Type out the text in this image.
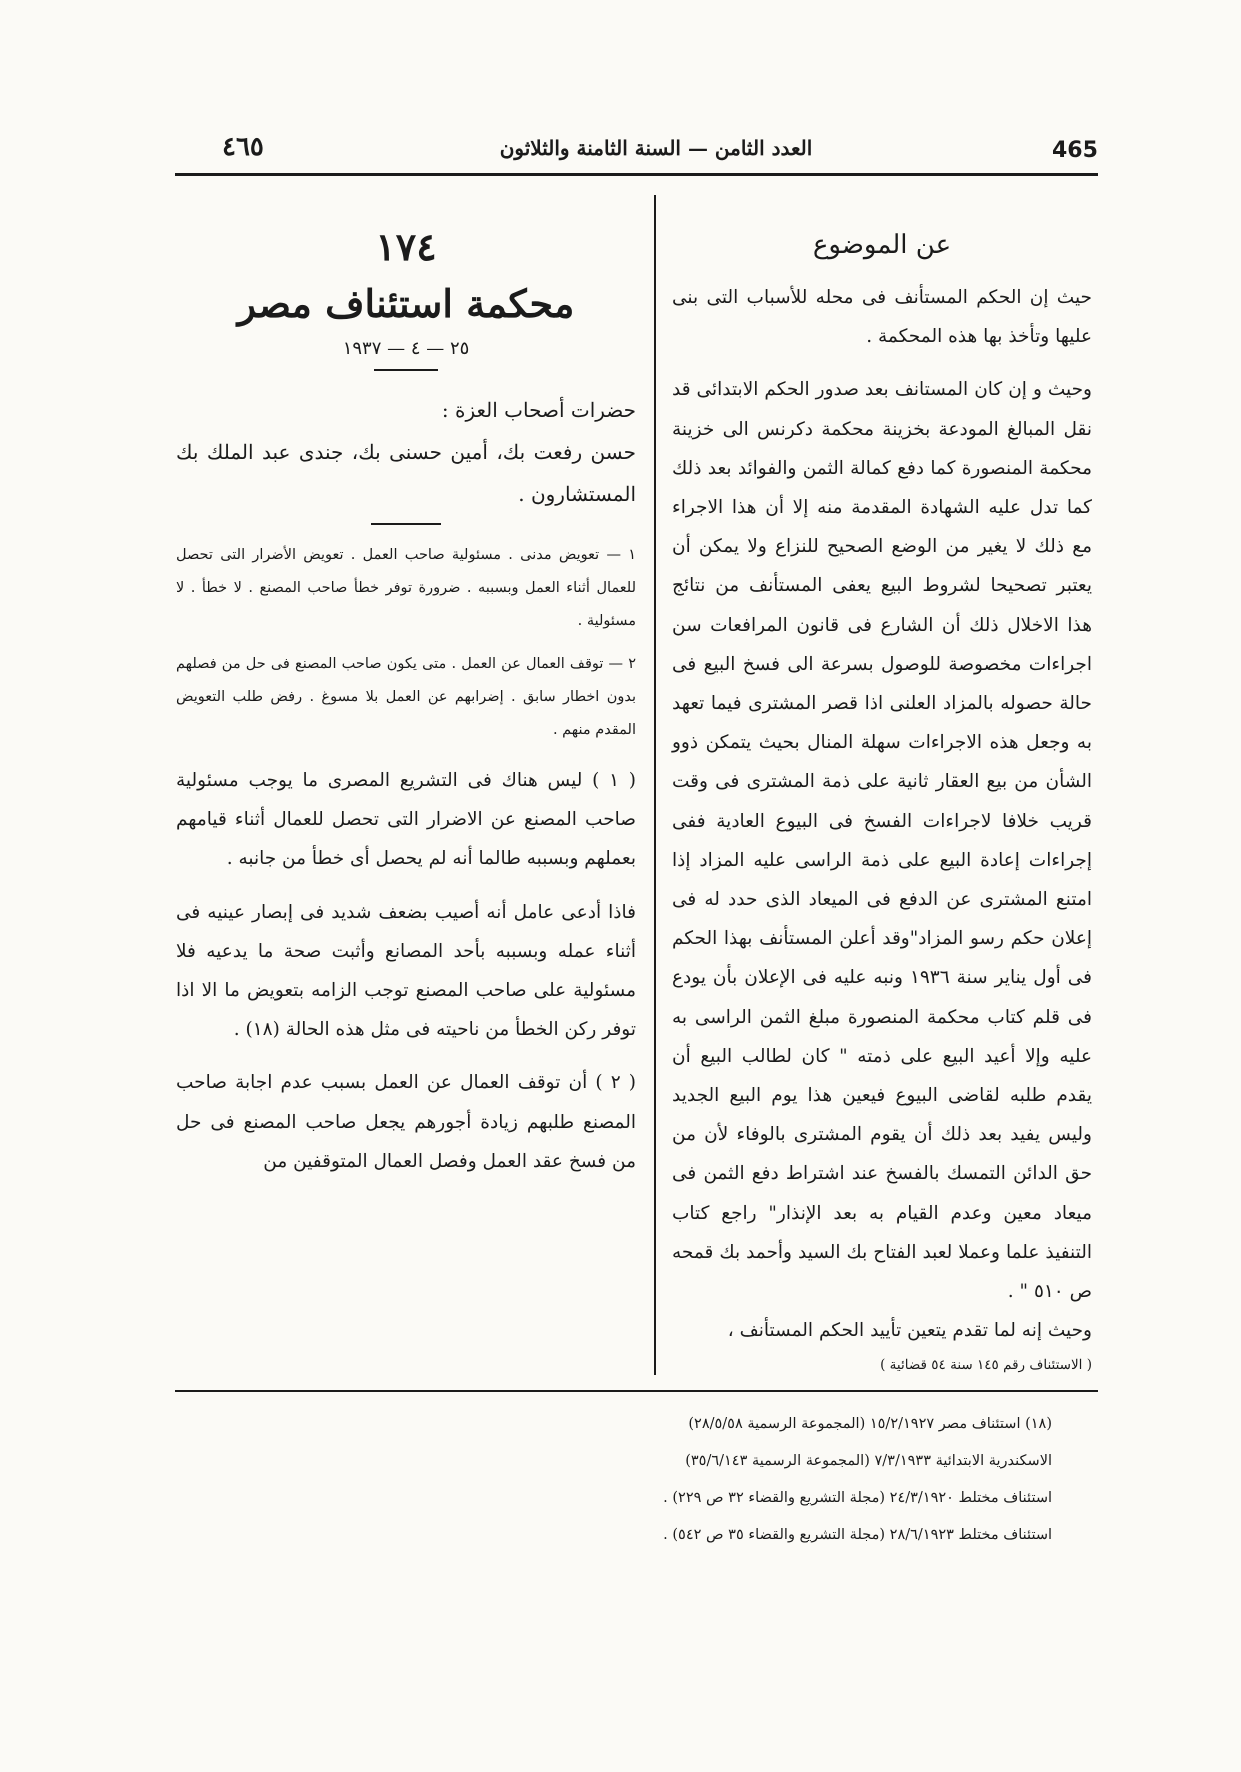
465
العدد الثامن — السنة الثامنة والثلاثون
٤٦٥
عن الموضوع

حيث إن الحكم المستأنف فى محله للأسباب التى بنى عليها وتأخذ بها هذه المحكمة .

وحيث و إن كان المستانف بعد صدور الحكم الابتدائى قد نقل المبالغ المودعة بخزينة محكمة دكرنس الى خزينة محكمة المنصورة كما دفع كمالة الثمن والفوائد بعد ذلك كما تدل عليه الشهادة المقدمة منه إلا أن هذا الاجراء مع ذلك لا يغير من الوضع الصحيح للنزاع ولا يمكن أن يعتبر تصحيحا لشروط البيع يعفى المستأنف من نتائج هذا الاخلال ذلك أن الشارع فى قانون المرافعات سن اجراءات مخصوصة للوصول بسرعة الى فسخ البيع فى حالة حصوله بالمزاد العلنى اذا قصر المشترى فيما تعهد به وجعل هذه الاجراءات سهلة المنال بحيث يتمكن ذوو الشأن من بيع العقار ثانية على ذمة المشترى فى وقت قريب خلافا لاجراءات الفسخ فى البيوع العادية ففى إجراءات إعادة البيع على ذمة الراسى عليه المزاد إذا امتنع المشترى عن الدفع فى الميعاد الذى حدد له فى إعلان حكم رسو المزاد"وقد أعلن المستأنف بهذا الحكم فى أول يناير سنة ١٩٣٦ ونبه عليه فى الإعلان بأن يودع فى قلم كتاب محكمة المنصورة مبلغ الثمن الراسى به عليه وإلا أعيد البيع على ذمته " كان لطالب البيع أن يقدم طلبه لقاضى البيوع فيعين هذا يوم البيع الجديد وليس يفيد بعد ذلك أن يقوم المشترى بالوفاء لأن من حق الدائن التمسك بالفسخ عند اشتراط دفع الثمن فى ميعاد معين وعدم القيام به بعد الإنذار" راجع كتاب التنفيذ علما وعملا لعبد الفتاح بك السيد وأحمد بك قمحه ص ٥١٠ " .

وحيث إنه لما تقدم يتعين تأييد الحكم المستأنف ،

( الاستئناف رقم ١٤٥ سنة ٥٤ قضائية )

١٧٤

محكمة استئناف مصر

٢٥ — ٤ — ١٩٣٧

حضرات أصحاب العزة :

حسن رفعت بك، أمين حسنى بك، جندى عبد الملك بك المستشارون .

١ — تعويض مدنى . مسئولية صاحب العمل . تعويض الأضرار التى تحصل للعمال أثناء العمل وبسببه . ضرورة توفر خطأ صاحب المصنع . لا خطأ . لا مسئولية .

٢ — توقف العمال عن العمل . متى يكون صاحب المصنع فى حل من فصلهم بدون اخطار سابق . إضرابهم عن العمل بلا مسوغ . رفض طلب التعويض المقدم منهم .

( ١ ) ليس هناك فى التشريع المصرى ما يوجب مسئولية صاحب المصنع عن الاضرار التى تحصل للعمال أثناء قيامهم بعملهم وبسببه طالما أنه لم يحصل أى خطأ من جانبه .

فاذا أدعى عامل أنه أصيب بضعف شديد فى إبصار عينيه فى أثناء عمله وبسببه بأحد المصانع وأثبت صحة ما يدعيه فلا مسئولية على صاحب المصنع توجب الزامه بتعويض ما الا اذا توفر ركن الخطأ من ناحيته فى مثل هذه الحالة (١٨) .

( ٢ ) أن توقف العمال عن العمل بسبب عدم اجابة صاحب المصنع طلبهم زيادة أجورهم يجعل صاحب المصنع فى حل من فسخ عقد العمل وفصل العمال المتوقفين من

(١٨) استئناف مصر ١٥/٢/١٩٢٧ (المجموعة الرسمية ٢٨/٥/٥٨)

الاسكندرية الابتدائية ٧/٣/١٩٣٣ (المجموعة الرسمية ٣٥/٦/١٤٣)

استئناف مختلط ٢٤/٣/١٩٢٠ (مجلة التشريع والقضاء ٣٢ ص ٢٢٩) .

استئناف مختلط ٢٨/٦/١٩٢٣ (مجلة التشريع والقضاء ٣٥ ص ٥٤٢) .
